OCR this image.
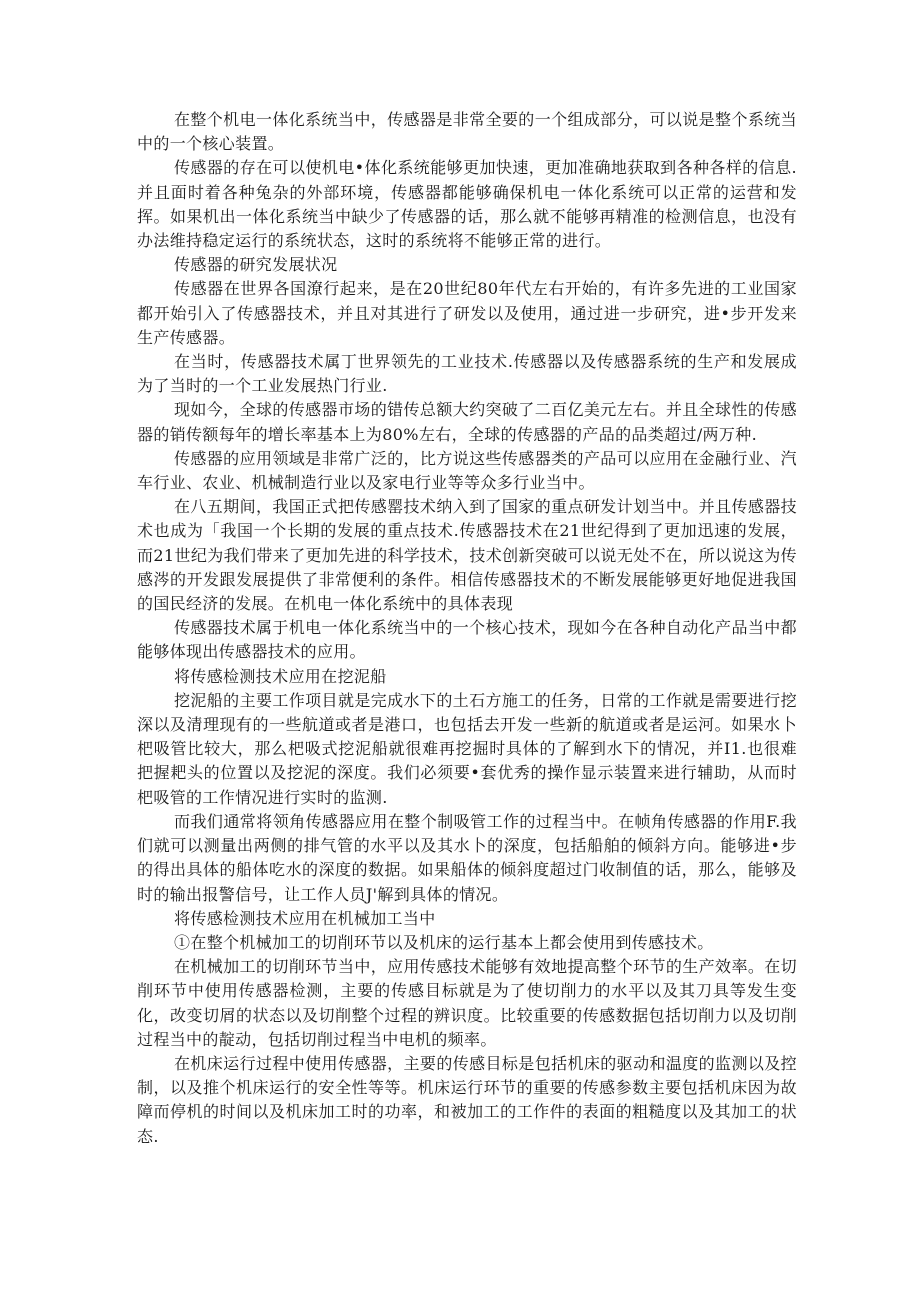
在整个机电一体化系统当中，传感器是非常全要的一个组成部分，可以说是整个系统当中的一个核心装置。

传感器的存在可以使机电•体化系统能够更加快速，更加准确地获取到各种各样的信息.并且面时着各种兔杂的外部环境，传感器都能够确保机电一体化系统可以正常的运营和发挥。如果机出一体化系统当中缺少了传感器的话，那么就不能够再精准的检测信息，也没有办法维持稳定运行的系统状态，这时的系统将不能够正常的进行。

传感器的研究发展状况

传感器在世界各国潦行起来，是在20世纪80年代左右开始的，有许多先进的工业国家都开始引入了传感器技术，并且对其进行了研发以及使用，通过进一步研究，进•步开发来生产传感器。

在当时，传感器技术属丁世界领先的工业技术.传感器以及传感器系统的生产和发展成为了当时的一个工业发展热门行业.

现如今，全球的传感器市场的错传总额大约突破了二百亿美元左右。并且全球性的传感器的销传额每年的增长率基本上为80%左右，全球的传感器的产品的品类超过/两万种.

传感器的应用领域是非常广泛的，比方说这些传感器类的产品可以应用在金融行业、汽车行业、农业、机械制造行业以及家电行业等等众多行业当中。

在八五期间，我国正式把传感罂技术纳入到了国家的重点研发计划当中。并且传感器技术也成为「我国一个长期的发展的重点技术.传感器技术在21世纪得到了更加迅速的发展，而21世纪为我们带来了更加先进的科学技术，技术创新突破可以说无处不在，所以说这为传感涔的开发跟发展提供了非常便利的条件。相信传感器技术的不断发展能够更好地促进我国的国民经济的发展。在机电一体化系统中的具体表现

传感器技术属于机电一体化系统当中的一个核心技术，现如今在各种自动化产品当中都能够体现出传感器技术的应用。

将传感检测技术应用在挖泥船

挖泥船的主要工作项目就是完成水下的土石方施工的任务，日常的工作就是需要进行挖深以及清理现有的一些航道或者是港口，也包括去开发一些新的航道或者是运河。如果水卜杷吸管比较大，那么杷吸式挖泥船就很难再挖掘时具体的了解到水下的情况，并I1.也很难把握耙头的位置以及挖泥的深度。我们必须要•套优秀的操作显示装置来进行辅助，从而时杷吸管的工作情况进行实时的监测.

而我们通常将领角传感器应用在整个制吸管工作的过程当中。在帧角传感器的作用F.我们就可以测量出两侧的排气管的水平以及其水卜的深度，包括船舶的倾斜方向。能够进•步的得出具体的船体吃水的深度的数据。如果船体的倾斜度超过门收制值的话，那么，能够及时的输出报警信号，让工作人员J'解到具体的情况。

将传感检测技术应用在机械加工当中

①在整个机械加工的切削环节以及机床的运行基本上都会使用到传感技术。

在机械加工的切削环节当中，应用传感技术能够有效地提高整个环节的生产效率。在切削环节中使用传感器检测，主要的传感目标就是为了使切削力的水平以及其刀具等发生变化，改变切屑的状态以及切削整个过程的辨识度。比较重要的传感数据包括切削力以及切削过程当中的靛动，包括切削过程当中电机的频率。

在机床运行过程中使用传感器，主要的传感目标是包括机床的驱动和温度的监测以及控制，以及推个机床运行的安全性等等。机床运行环节的重要的传感参数主要包括机床因为故障而停机的时间以及机床加工时的功率，和被加工的工作件的表面的粗糙度以及其加工的状态.
